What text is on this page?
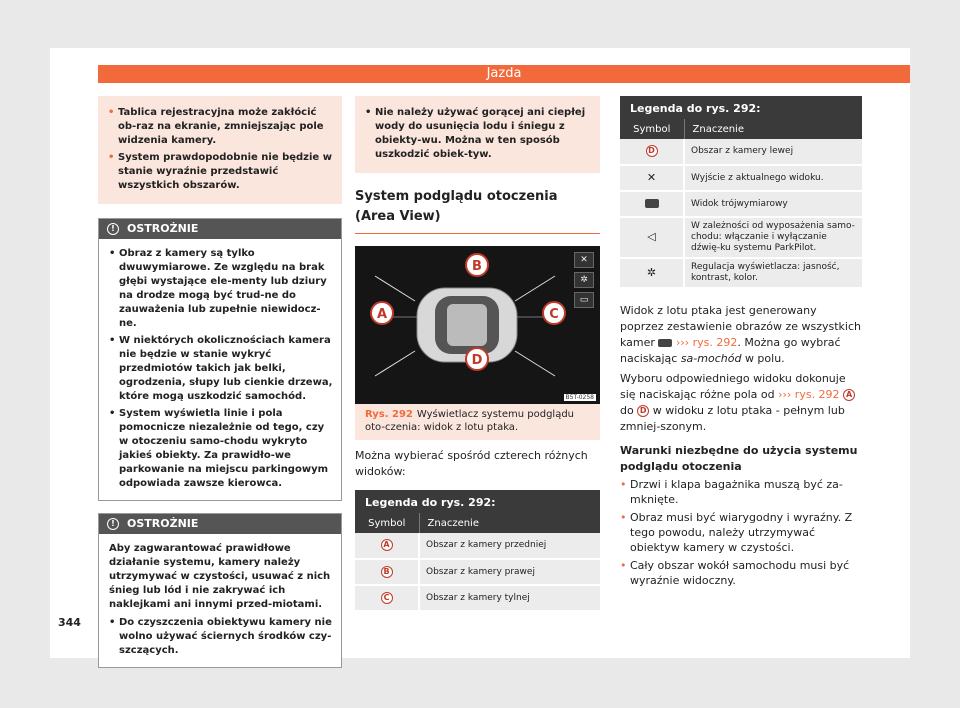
Jazda
• Tablica rejestracyjna może zakłócić ob-raz na ekranie, zmniejszając pole widzenia kamery.
• System prawdopodobnie nie będzie w stanie wyraźnie przedstawić wszystkich obszarów.
!	OSTROŻNIE
• Obraz z kamery są tylko dwuwymiarowe. Ze względu na brak głębi wystające ele-menty lub dziury na drodze mogą być trud-ne do zauważenia lub zupełnie niewidocz-ne.
• W niektórych okolicznościach kamera nie będzie w stanie wykryć przedmiotów takich jak belki, ogrodzenia, słupy lub cienkie drzewa, które mogą uszkodzić samochód.
• System wyświetla linie i pola pomocnicze niezależnie od tego, czy w otoczeniu samo-chodu wykryto jakieś obiekty. Za prawidło-we parkowanie na miejscu parkingowym odpowiada zawsze kierowca.
!	OSTROŻNIE

Aby zagwarantować prawidłowe działanie systemu, kamery należy utrzymywać w czystości, usuwać z nich śnieg lub lód i nie zakrywać ich naklejkami ani innymi przed-miotami.

• Do czyszczenia obiektywu kamery nie wolno używać ściernych środków czy-szczących.
• Nie należy używać gorącej ani ciepłej wody do usunięcia lodu i śniegu z obiekty-wu. Można w ten sposób uszkodzić obiek-tyw.
System podglądu otoczenia (Area View)
B
A	C
D
✕
✲
▭
B5T-0258
Rys. 292 Wyświetlacz systemu podglądu oto-czenia: widok z lotu ptaka.
Można wybierać spośród czterech różnych widoków:
Legenda do rys. 292:
Symbol	Znaczenie
A	Obszar z kamery przedniej
B	Obszar z kamery prawej
C	Obszar z kamery tylnej
Legenda do rys. 292:
Symbol	Znaczenie
D	Obszar z kamery lewej
✕	Wyjście z aktualnego widoku.
	Widok trójwymiarowy
◁	W zależności od wyposażenia samo-chodu: włączanie i wyłączanie dźwię-ku systemu ParkPilot.
✲	Regulacja wyświetlacza: jasność, kontrast, kolor.
Widok z lotu ptaka jest generowany poprzez zestawienie obrazów ze wszystkich kamer ››› rys. 292. Można go wybrać naciskając sa-mochód w polu.
Wyboru odpowiedniego widoku dokonuje się naciskając różne pola od ››› rys. 292 A do D w widoku z lotu ptaka - pełnym lub zmniej-szonym.
Warunki niezbędne do użycia systemu podglądu otoczenia
• Drzwi i klapa bagażnika muszą być za-mknięte.
• Obraz musi być wiarygodny i wyraźny. Z tego powodu, należy utrzymywać obiektyw kamery w czystości.
• Cały obszar wokół samochodu musi być wyraźnie widoczny.
344
